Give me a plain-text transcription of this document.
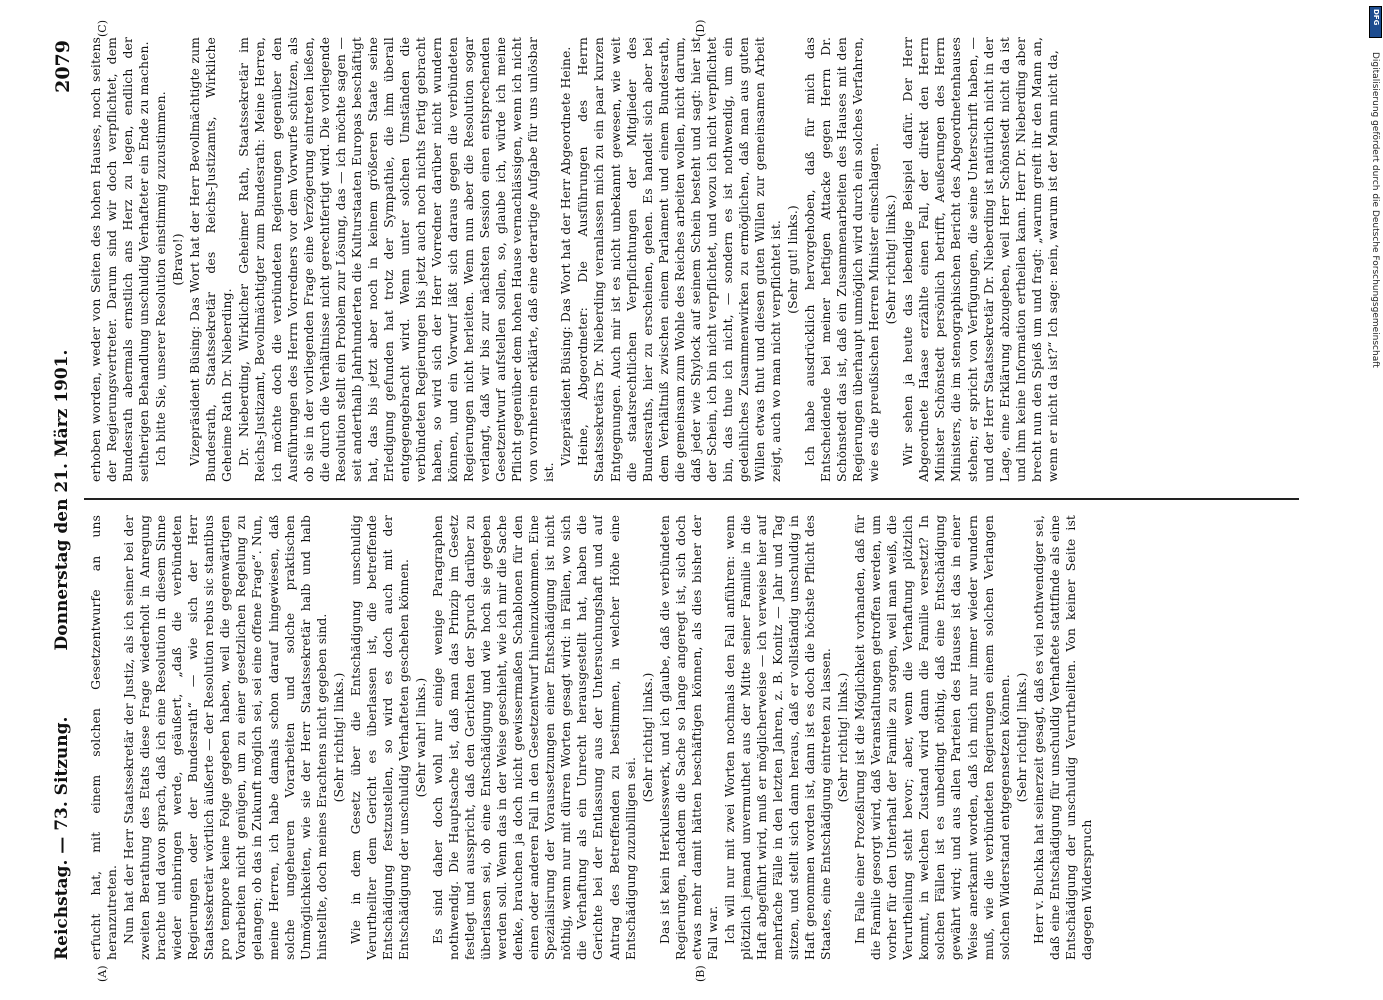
Reichstag. — 73. Sitzung.
Donnerstag den 21. März 1901.
2079
(A)	(B)
(C)	(D)

erfucht hat, mit einem solchen Gesetzentwurfe an uns heranzutreten. Nun hat der Herr Staatssekretär der Justiz, als ich seiner bei der zweiten Berathung des Etats diese Frage wiederholt in Anregung brachte und davon sprach, daß ich eine Resolution in diesem Sinne wieder einbringen werde, geäußert, „daß die verbündeten Regierungen oder der Bundesrath“ — wie sich der Herr Staatssekretär wörtlich äußerte — der Resolution rebus sic stantibus pro tempore keine Folge gegeben haben, weil die gegenwärtigen Vorarbeiten nicht genügen, um zu einer gesetzlichen Regelung zu gelangen; ob das in Zukunft möglich sei, sei eine offene Frage“. Nun, meine Herren, ich habe damals schon darauf hingewiesen, daß solche ungeheuren Vorarbeiten und solche praktischen Unmöglichkeiten, wie sie der Herr Staatssekretär halb und halb hinstellte, doch meines Erachtens nicht gegeben sind. (Sehr richtig! links.) Wie in dem Gesetz über die Entschädigung unschuldig Verurtheilter dem Gericht es überlassen ist, die betreffende Entschädigung festzustellen, so wird es doch auch mit der Entschädigung der unschuldig Verhafteten geschehen können. (Sehr wahr! links.) Es sind daher doch wohl nur einige wenige Paragraphen nothwendig. Die Hauptsache ist, daß man das Prinzip im Gesetz festlegt und ausspricht, daß den Gerichten der Spruch darüber zu überlassen sei, ob eine Entschädigung und wie hoch sie gegeben werden soll. Wenn das in der Weise geschieht, wie ich mir die Sache denke, brauchen ja doch nicht gewissermaßen Schablonen für den einen oder anderen Fall in den Gesetzentwurf hineinzukommen. Eine Spezialisirung der Voraussetzungen einer Entschädigung ist nicht nöthig, wenn nur mit dürren Worten gesagt wird: in Fällen, wo sich die Verhaftung als ein Unrecht herausgestellt hat, haben die Gerichte bei der Entlassung aus der Untersuchungshaft und auf Antrag des Betreffenden zu bestimmen, in welcher Höhe eine Entschädigung zuzubilligen sei.

(Sehr richtig! links.) Das ist kein Herkulesswerk, und ich glaube, daß die verbündeten Regierungen, nachdem die Sache so lange angeregt ist, sich doch etwas mehr damit hätten beschäftigen können, als dies bisher der Fall war. Ich will nur mit zwei Worten nochmals den Fall anführen: wenn plötzlich jemand unvermuthet aus der Mitte seiner Familie in die Haft abgeführt wird, muß er möglicherweise — ich verweise hier auf mehrfache Fälle in den letzten Jahren, z. B. Konitz — Jahr und Tag sitzen, und stellt sich dann heraus, daß er vollständig unschuldig in Haft genommen worden ist, dann ist es doch die höchste Pflicht des Staates, eine Entschädigung eintreten zu lassen. (Sehr richtig! links.) Im Falle einer Prozeßirung ist die Möglichkeit vorhanden, daß für die Familie gesorgt wird, daß Veranstaltungen getroffen werden, um vorher für den Unterhalt der Familie zu sorgen, weil man weiß, die Verurtheilung steht bevor; aber, wenn die Verhaftung plötzlich kommt, in welchen Zustand wird dann die Familie versetzt? In solchen Fällen ist es unbedingt nöthig, daß eine Entschädigung gewährt wird; und aus allen Parteien des Hauses ist das in einer Weise anerkannt worden, daß ich mich nur immer wieder wundern muß, wie die verbündeten Regierungen einem solchen Verlangen solchen Widerstand entgegensetzen können. (Sehr richtig! links.) Herr v. Buchka hat seinerzeit gesagt, daß es viel nothwendiger sei, daß eine Entschädigung für unschuldig Verhaftete stattfinde als eine Entschädigung der unschuldig Verurtheilten. Von keiner Seite ist dagegen Widerspruch

erhoben worden, weder von Seiten des hohen Hauses, noch seitens der Regierungsvertreter. Darum sind wir doch verpflichtet, dem Bundesrath abermals ernstlich ans Herz zu legen, endlich der seitherigen Behandlung unschuldig Verhafteter ein Ende zu machen. Ich bitte Sie, unserer Resolution einstimmig zuzustimmen. (Bravo!) Vizepräsident Büsing: Das Wort hat der Herr Bevollmächtigte zum Bundesrath, Staatssekretär des Reichs-Justizamts, Wirkliche Geheime Rath Dr. Nieberding. Dr. Nieberding, Wirklicher Geheimer Rath, Staatssekretär im Reichs-Justizamt, Bevollmächtigter zum Bundesrath: Meine Herren, ich möchte doch die verbündeten Regierungen gegenüber den Ausführungen des Herrn Vorredners vor dem Vorwurfe schützen, als ob sie in der vorliegenden Frage eine Verzögerung eintreten ließen, die durch die Verhältnisse nicht gerechtfertigt wird. Die vorliegende Resolution stellt ein Problem zur Lösung, das — ich möchte sagen — seit anderthalb Jahrhunderten die Kulturstaaten Europas beschäftigt hat, das bis jetzt aber noch in keinem größeren Staate seine Erledigung gefunden hat trotz der Sympathie, die ihm überall entgegengebracht wird. Wenn unter solchen Umständen die verbündeten Regierungen bis jetzt auch noch nichts fertig gebracht haben, so wird sich der Herr Vorredner darüber nicht wundern können, und ein Vorwurf läßt sich daraus gegen die verbündeten Regierungen nicht herleiten. Wenn nun aber die Resolution sogar verlangt, daß wir bis zur nächsten Session einen entsprechenden Gesetzentwurf aufstellen sollen, so, glaube ich, würde ich meine Pflicht gegenüber dem hohen Hause vernachlässigen, wenn ich nicht von vornherein erklärte, daß eine derartige Aufgabe für uns unlösbar ist.

Vizepräsident Büsing: Das Wort hat der Herr Abgeordnete Heine. Heine, Abgeordneter: Die Ausführungen des Herrn Staatssekretärs Dr. Nieberding veranlassen mich zu ein paar kurzen Entgegnungen. Auch mir ist es nicht unbekannt gewesen, wie weit die staatsrechtlichen Verpflichtungen der Mitglieder des Bundesraths, hier zu erscheinen, gehen. Es handelt sich aber bei dem Verhältniß zwischen einem Parlament und einem Bundesrath, die gemeinsam zum Wohle des Reiches arbeiten wollen, nicht darum, daß jeder wie Shylock auf seinem Schein besteht und sagt: hier ist der Schein, ich bin nicht verpflichtet, und wozu ich nicht verpflichtet bin, das thue ich nicht, — sondern es ist nothwendig, um ein gedeihliches Zusammenwirken zu ermöglichen, daß man aus guten Willen etwas thut und diesen guten Willen zur gemeinsamen Arbeit zeigt, auch wo man nicht verpflichtet ist. (Sehr gut! links.) Ich habe ausdrücklich hervorgehoben, daß für mich das Entscheidende bei meiner heftigen Attacke gegen Herrn Dr. Schönstedt das ist, daß ein Zusammenarbeiten des Hauses mit den Regierungen überhaupt unmöglich wird durch ein solches Verfahren, wie es die preußischen Herren Minister einschlagen. (Sehr richtig! links.) Wir sehen ja heute das lebendige Beispiel dafür. Der Herr Abgeordnete Haase erzählte einen Fall, der direkt den Herrn Minister Schönstedt persönlich betrifft, Aeußerungen des Herrn Ministers, die im stenographischen Bericht des Abgeordnetenhauses stehen; er spricht von Verfügungen, die seine Unterschrift haben, — und der Herr Staatssekretär Dr. Nieberding ist natürlich nicht in der Lage, eine Erklärung abzugeben, weil Herr Schönstedt nicht da ist und ihm keine Information ertheilen kann. Herr Dr. Nieberding aber brecht nun den Spieß um und fragt: „warum greift ihr den Mann an, wenn er nicht da ist?“ Ich sage: nein, warum ist der Mann nicht da,

DFG
Digitalisierung gefördert durch die Deutsche Forschungsgemeinschaft
